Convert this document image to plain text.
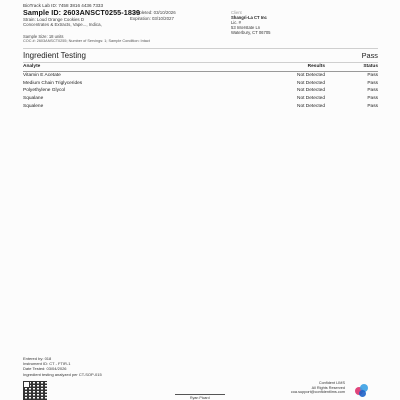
BioTrack Lab ID: 7458 3816 4436 7333
Sample ID: 2603ANSCT0255-1839
Strain: Loud Orange Cookies D
Concentrates & Extracts, Vape..., Indica,
Completed: 03/10/2026
Expiration: 03/10/2027
Client
Shangri-La CT Inc
Lic. #
53 Interstate Ln
Waterbury, CT 06705
Sample Size: 18 units
COC #: 2603ANSCT0255; Number of Servings: 1; Sample Condition: Intact
Ingredient Testing	Pass
Analyte	Results	Status
Vitamin E Acetate	Not Detected	Pass
Medium Chain Triglycerides	Not Detected	Pass
Polyethylene Glycol	Not Detected	Pass
Squalane	Not Detected	Pass
Squalene	Not Detected	Pass
Entered by: 018
Instrument ID: CT - FTIR-1
Date Tested: 03/04/2026
Ingredient testing analyzed per CT-SOP-015
Ryan Picard
Confident LIMS
All Rights Reserved
coa.support@confidentlims.com
